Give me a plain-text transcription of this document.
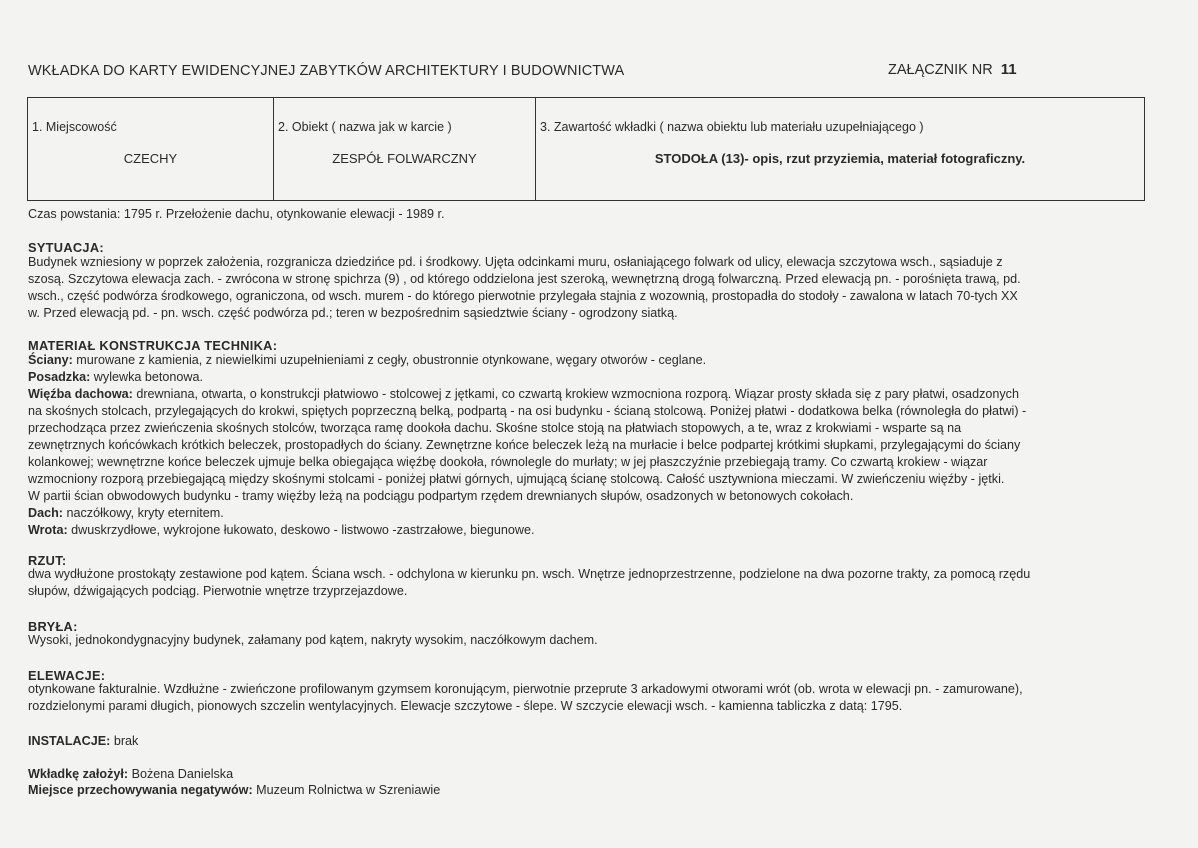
WKŁADKA DO KARTY EWIDENCYJNEJ ZABYTKÓW ARCHITEKTURY I BUDOWNICTWA	ZAŁĄCZNIK NR 11
1. Miejscowość
CZECHY
2. Obiekt ( nazwa jak w karcie )
ZESPÓŁ FOLWARCZNY
3. Zawartość wkładki ( nazwa obiektu lub materiału uzupełniającego )
STODOŁA (13)- opis, rzut przyziemia, materiał fotograficzny.
Czas powstania: 1795 r. Przełożenie dachu, otynkowanie elewacji - 1989 r.
SYTUACJA:
Budynek wzniesiony w poprzek założenia, rozgranicza dziedzińce pd. i środkowy. Ujęta odcinkami muru, osłaniającego folwark od ulicy, elewacja szczytowa wsch., sąsiaduje z
szosą. Szczytowa elewacja zach. - zwrócona w stronę spichrza (9) , od którego oddzielona jest szeroką, wewnętrzną drogą folwarczną. Przed elewacją pn. - porośnięta trawą, pd.
wsch., część podwórza środkowego, ograniczona, od wsch. murem - do którego pierwotnie przylegała stajnia z wozownią, prostopadła do stodoły - zawalona w latach 70-tych XX
w. Przed elewacją pd. - pn. wsch. część podwórza pd.; teren w bezpośrednim sąsiedztwie ściany - ogrodzony siatką.
MATERIAŁ KONSTRUKCJA TECHNIKA:
Ściany: murowane z kamienia, z niewielkimi uzupełnieniami z cegły, obustronnie otynkowane, węgary otworów - ceglane.
Posadzka: wylewka betonowa.
Więźba dachowa: drewniana, otwarta, o konstrukcji płatwiowo - stolcowej z jętkami, co czwartą krokiew wzmocniona rozporą. Wiązar prosty składa się z pary płatwi, osadzonych
na skośnych stolcach, przylegających do krokwi, spiętych poprzeczną belką, podpartą - na osi budynku - ścianą stolcową. Poniżej płatwi - dodatkowa belka (równoległa do płatwi) -
przechodząca przez zwieńczenia skośnych stolców, tworząca ramę dookoła dachu. Skośne stolce stoją na płatwiach stopowych, a te, wraz z krokwiami - wsparte są na
zewnętrznych końcówkach krótkich beleczek, prostopadłych do ściany. Zewnętrzne końce beleczek leżą na murłacie i belce podpartej krótkimi słupkami, przylegającymi do ściany
kolankowej; wewnętrzne końce beleczek ujmuje belka obiegająca więźbę dookoła, równolegle do murłaty; w jej płaszczyźnie przebiegają tramy. Co czwartą krokiew - wiązar
wzmocniony rozporą przebiegającą między skośnymi stolcami - poniżej płatwi górnych, ujmującą ścianę stolcową. Całość usztywniona mieczami. W zwieńczeniu więźby - jętki.
W partii ścian obwodowych budynku - tramy więźby leżą na podciągu podpartym rzędem drewnianych słupów, osadzonych w betonowych cokołach.
Dach: naczółkowy, kryty eternitem.
Wrota: dwuskrzydłowe, wykrojone łukowato, deskowo - listwowo -zastrzałowe, biegunowe.
RZUT:
dwa wydłużone prostokąty zestawione pod kątem. Ściana wsch. - odchylona w kierunku pn. wsch. Wnętrze jednoprzestrzenne, podzielone na dwa pozorne trakty, za pomocą rzędu
słupów, dźwigających podciąg. Pierwotnie wnętrze trzyprzejazdowe.
BRYŁA:
Wysoki, jednokondygnacyjny budynek, załamany pod kątem, nakryty wysokim, naczółkowym dachem.
ELEWACJE:
otynkowane fakturalnie. Wzdłużne - zwieńczone profilowanym gzymsem koronującym, pierwotnie przeprute 3 arkadowymi otworami wrót (ob. wrota w elewacji pn. - zamurowane),
rozdzielonymi parami długich, pionowych szczelin wentylacyjnych. Elewacje szczytowe - ślepe. W szczycie elewacji wsch. - kamienna tabliczka z datą: 1795.
INSTALACJE: brak
Wkładkę założył: Bożena Danielska
Miejsce przechowywania negatywów: Muzeum Rolnictwa w Szreniawie
